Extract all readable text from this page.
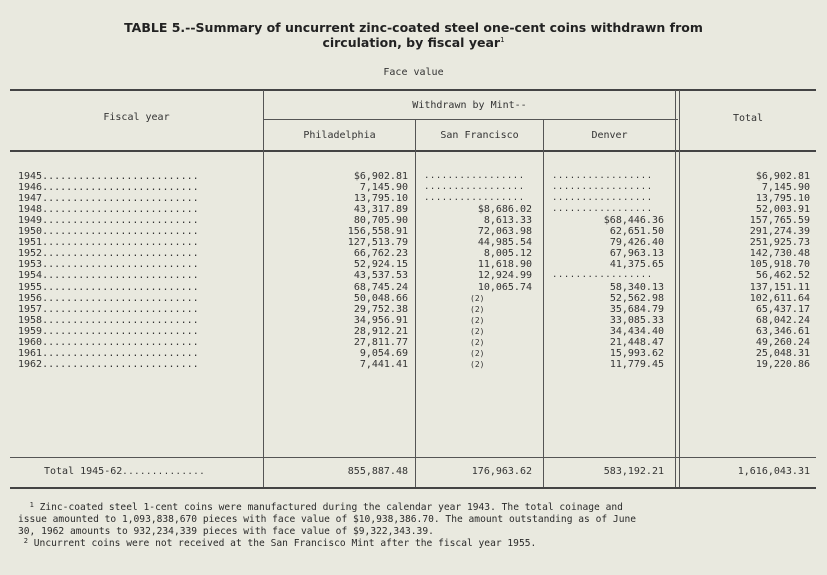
TABLE 5.--Summary of uncurrent zinc-coated steel one-cent coins withdrawn from
circulation, by fiscal year$^1$
Face value
Fiscal year
Withdrawn by Mint--
Philadelphia	San Francisco	Denver
Total
1945..........................	$6,902.81 .................	.................	$6,902.81
1946..........................	7,145.90 .................	.................	7,145.90
1947..........................	13,795.10 .................	.................	13,795.10
1948..........................	43,317.89	$8,686.02 .................	52,003.91
1949..........................	80,705.90	8,613.33	$68,446.36	157,765.59
1950..........................	156,558.91	72,063.98	62,651.50	291,274.39
1951..........................	127,513.79	44,985.54	79,426.40	251,925.73
1952..........................	66,762.23	8,005.12	67,963.13	142,730.48
1953..........................	52,924.15	11,618.90	41,375.65	105,918.70
1954..........................	43,537.53	12,924.99 .................	56,462.52
1955..........................	68,745.24	10,065.74	58,340.13	137,151.11
1956..........................	50,048.66	(2)	52,562.98	102,611.64
1957..........................	29,752.38	(2)	35,684.79	65,437.17
1958..........................	34,956.91	(2)	33,085.33	68,042.24
1959..........................	28,912.21	(2)	34,434.40	63,346.61
1960..........................	27,811.77	(2)	21,448.47	49,260.24
1961..........................	9,054.69	(2)	15,993.62	25,048.31
1962..........................	7,441.41	(2)	11,779.45	19,220.86
Total 1945-62..............	855,887.48	176,963.62	583,192.21	1,616,043.31

$^1$ Zinc-coated steel 1-cent coins were manufactured during the calendar year 1943. The total coinage and

issue amounted to 1,093,838,670 pieces with face value of $10,938,386.70. The amount outstanding as of June

30, 1962 amounts to 932,234,339 pieces with face value of $9,322,343.39.

$^2$ Uncurrent coins were not received at the San Francisco Mint after the fiscal year 1955.
